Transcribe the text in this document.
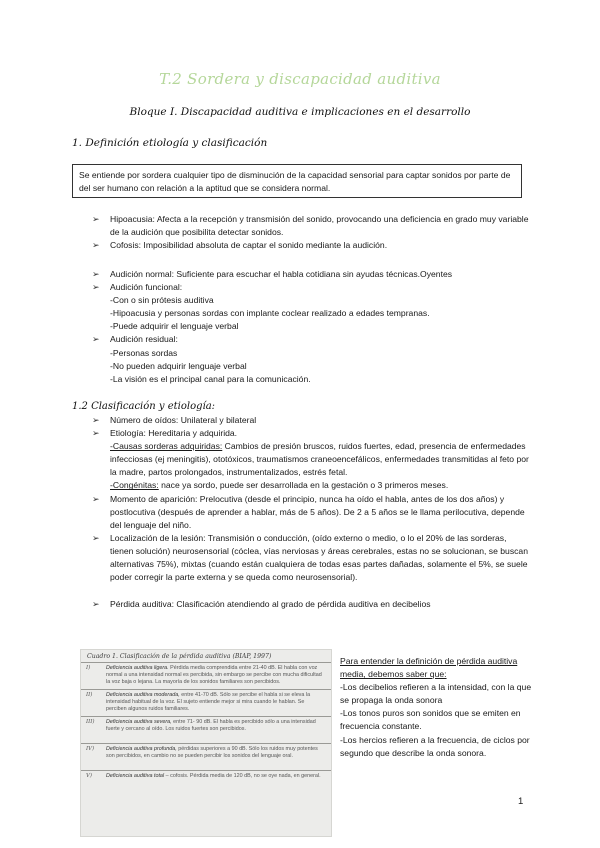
T.2 Sordera y discapacidad auditiva
Bloque I. Discapacidad auditiva e implicaciones en el desarrollo
1. Definición etiología y clasificación
Se entiende por sordera cualquier tipo de disminución de la capacidad sensorial para captar sonidos por parte de del ser humano con relación a la aptitud que se considera normal.
➢ Hipoacusia: Afecta a la recepción y transmisión del sonido, provocando una deficiencia en grado muy variable de la audición que posibilita detectar sonidos.
➢ Cofosis: Imposibilidad absoluta de captar el sonido mediante la audición.
➢ Audición normal: Suficiente para escuchar el habla cotidiana sin ayudas técnicas.Oyentes
➢ Audición funcional:
-Con o sin prótesis auditiva
-Hipoacusia y personas sordas con implante coclear realizado a edades tempranas.
-Puede adquirir el lenguaje verbal
➢ Audición residual:
-Personas sordas
-No pueden adquirir lenguaje verbal
-La visión es el principal canal para la comunicación.
1.2 Clasificación y etiología:
➢ Número de oídos: Unilateral y bilateral
➢ Etiología: Hereditaria y adquirida.
-Causas sorderas adquiridas: Cambios de presión bruscos, ruidos fuertes, edad, presencia de enfermedades infecciosas (ej meningitis), ototóxicos, traumatismos craneoencefálicos, enfermedades transmitidas al feto por la madre, partos prolongados, instrumentalizados, estrés fetal.
-Congénitas: nace ya sordo, puede ser desarrollada en la gestación o 3 primeros meses.
➢ Momento de aparición: Prelocutiva (desde el principio, nunca ha oído el habla, antes de los dos años) y postlocutiva (después de aprender a hablar, más de 5 años). De 2 a 5 años se le llama perilocutiva, depende del lenguaje del niño.
➢ Localización de la lesión: Transmisión o conducción, (oído externo o medio, o lo el 20% de las sorderas, tienen solución) neurosensorial (cóclea, vías nerviosas y áreas cerebrales, estas no se solucionan, se buscan alternativas 75%), mixtas (cuando están cualquiera de todas esas partes dañadas, solamente el 5%, se suele poder corregir la parte externa y se queda como neurosensorial).
➢ Pérdida auditiva: Clasificación atendiendo al grado de pérdida auditiva en decibelios
Cuadro 1. Clasificación de la pérdida auditiva (BIAP, 1997)
I)	Deficiencia auditiva ligera. Pérdida media comprendida entre 21-40 dB. El habla con voz normal a una intensidad normal es percibida, sin embargo se percibe con mucha dificultad la voz baja o lejana. La mayoría de los sonidos familiares son percibidos.
II)	Deficiencia auditiva moderada, entre 41-70 dB. Sólo se percibe el habla si se eleva la intensidad habitual de la voz. El sujeto entiende mejor si mira cuando le hablan. Se perciben algunos ruidos familiares.
III)	Deficiencia auditiva severa, entre 71- 90 dB. El habla es percibido sólo a una intensidad fuerte y cercano al oído. Los ruidos fuertes son percibidos.
IV)	Deficiencia auditiva profunda, pérdidas superiores a 90 dB. Sólo los ruidos muy potentes son percibidos, en cambio no se pueden percibir los sonidos del lenguaje oral.
V)	Deficiencia auditiva total – cofosis. Pérdida media de 120 dB, no se oye nada, en general.
Para entender la definición de pérdida auditiva media, debemos saber que:
-Los decibelios refieren a la intensidad, con la que se propaga la onda sonora
-Los tonos puros son sonidos que se emiten en frecuencia constante.
-Los hercios refieren a la frecuencia, de ciclos por segundo que describe la onda sonora.
1
